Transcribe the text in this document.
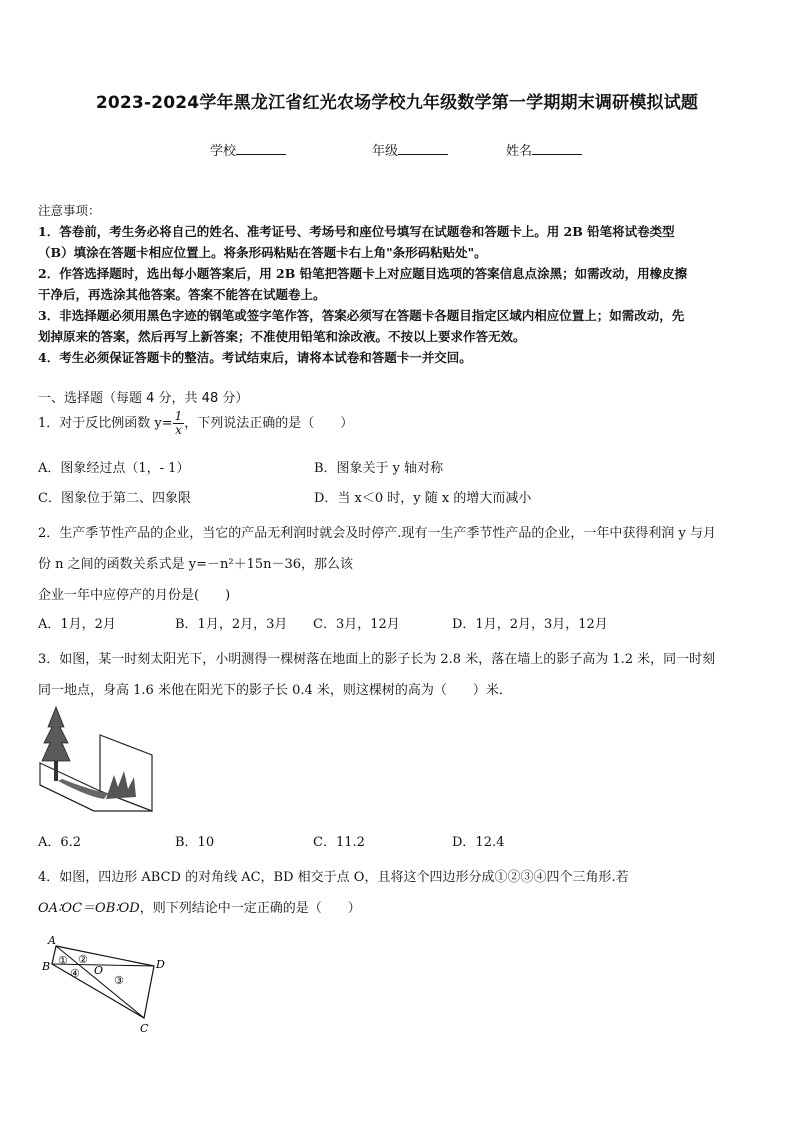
2023-2024学年黑龙江省红光农场学校九年级数学第一学期期末调研模拟试题
学校	年级	姓名
注意事项：

1．答卷前，考生务必将自己的姓名、准考证号、考场号和座位号填写在试题卷和答题卡上。用 2B 铅笔将试卷类型

（B）填涂在答题卡相应位置上。将条形码粘贴在答题卡右上角"条形码粘贴处"。

2．作答选择题时，选出每小题答案后，用 2B 铅笔把答题卡上对应题目选项的答案信息点涂黑；如需改动，用橡皮擦

干净后，再选涂其他答案。答案不能答在试题卷上。

3．非选择题必须用黑色字迹的钢笔或签字笔作答，答案必须写在答题卡各题目指定区域内相应位置上；如需改动，先

划掉原来的答案，然后再写上新答案；不准使用铅笔和涂改液。不按以上要求作答无效。

4．考生必须保证答题卡的整洁。考试结束后，请将本试卷和答题卡一并交回。

一、选择题（每题 4 分，共 48 分）
1．对于反比例函数 $y= \frac{1}{x}$ ，下列说法正确的是（　　）
A．图象经过点（1，- 1）	B．图象关于 y 轴对称
C．图象位于第二、四象限	D．当 x＜0 时，y 随 x 的增大而减小
2．生产季节性产品的企业，当它的产品无利润时就会及时停产.现有一生产季节性产品的企业，一年中获得利润 y 与月
份 n 之间的函数关系式是 y=－n²＋15n－36，那么该
企业一年中应停产的月份是(　　)
A．1月，2月	B．1月，2月，3月 C．3月，12月	D．1月，2月，3月，12月
3．如图，某一时刻太阳光下，小明测得一棵树落在地面上的影子长为 2.8 米，落在墙上的影子高为 1.2 米，同一时刻
同一地点，身高 1.6 米他在阳光下的影子长 0.4 米，则这棵树的高为（　　）米．
A．6.2	B．10	C．11.2	D．12.4
4．如图，四边形 ABCD 的对角线 AC，BD 相交于点 O，且将这个四边形分成①②③④四个三角形.若
OA∶OC＝OB∶OD，则下列结论中一定正确的是（　　）
A
B
C
D
O
① ②
③
④
